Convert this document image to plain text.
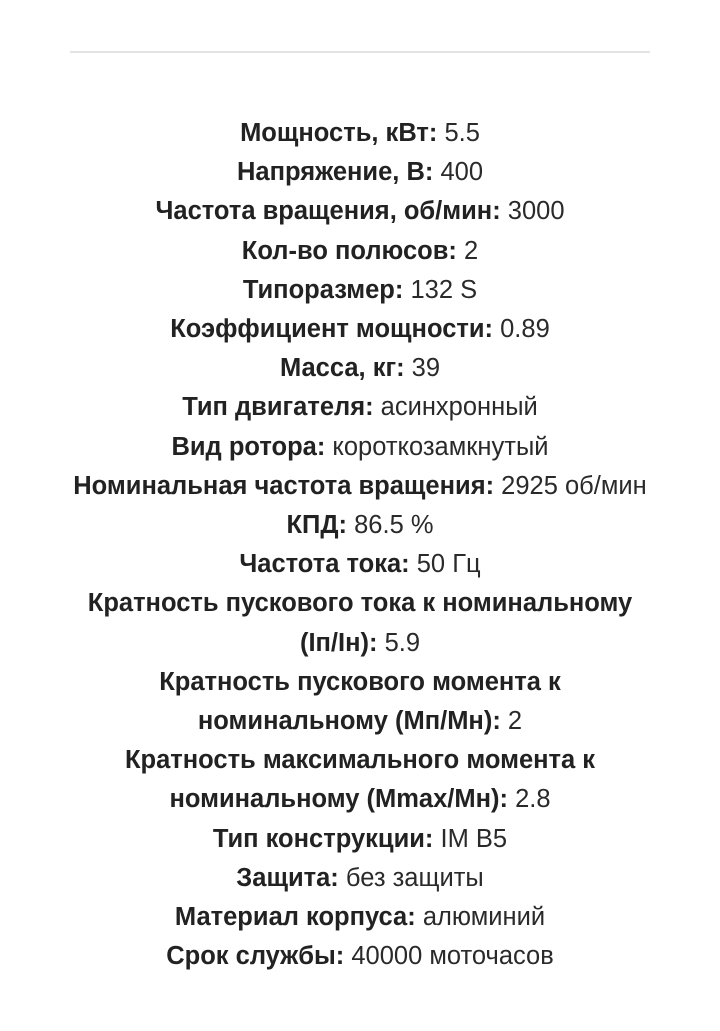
Мощность, кВт: 5.5
Напряжение, В: 400
Частота вращения, об/мин: 3000
Кол-во полюсов: 2
Типоразмер: 132 S
Коэффициент мощности: 0.89
Масса, кг: 39
Тип двигателя: асинхронный
Вид ротора: короткозамкнутый
Номинальная частота вращения: 2925 об/мин
КПД: 86.5 %
Частота тока: 50 Гц
Кратность пускового тока к номинальному (Iп/Iн): 5.9
Кратность пускового момента к номинальному (Мп/Мн): 2
Кратность максимального момента к номинальному (Mmax/Мн): 2.8
Тип конструкции: IM B5
Защита: без защиты
Материал корпуса: алюминий
Срок службы: 40000 моточасов
